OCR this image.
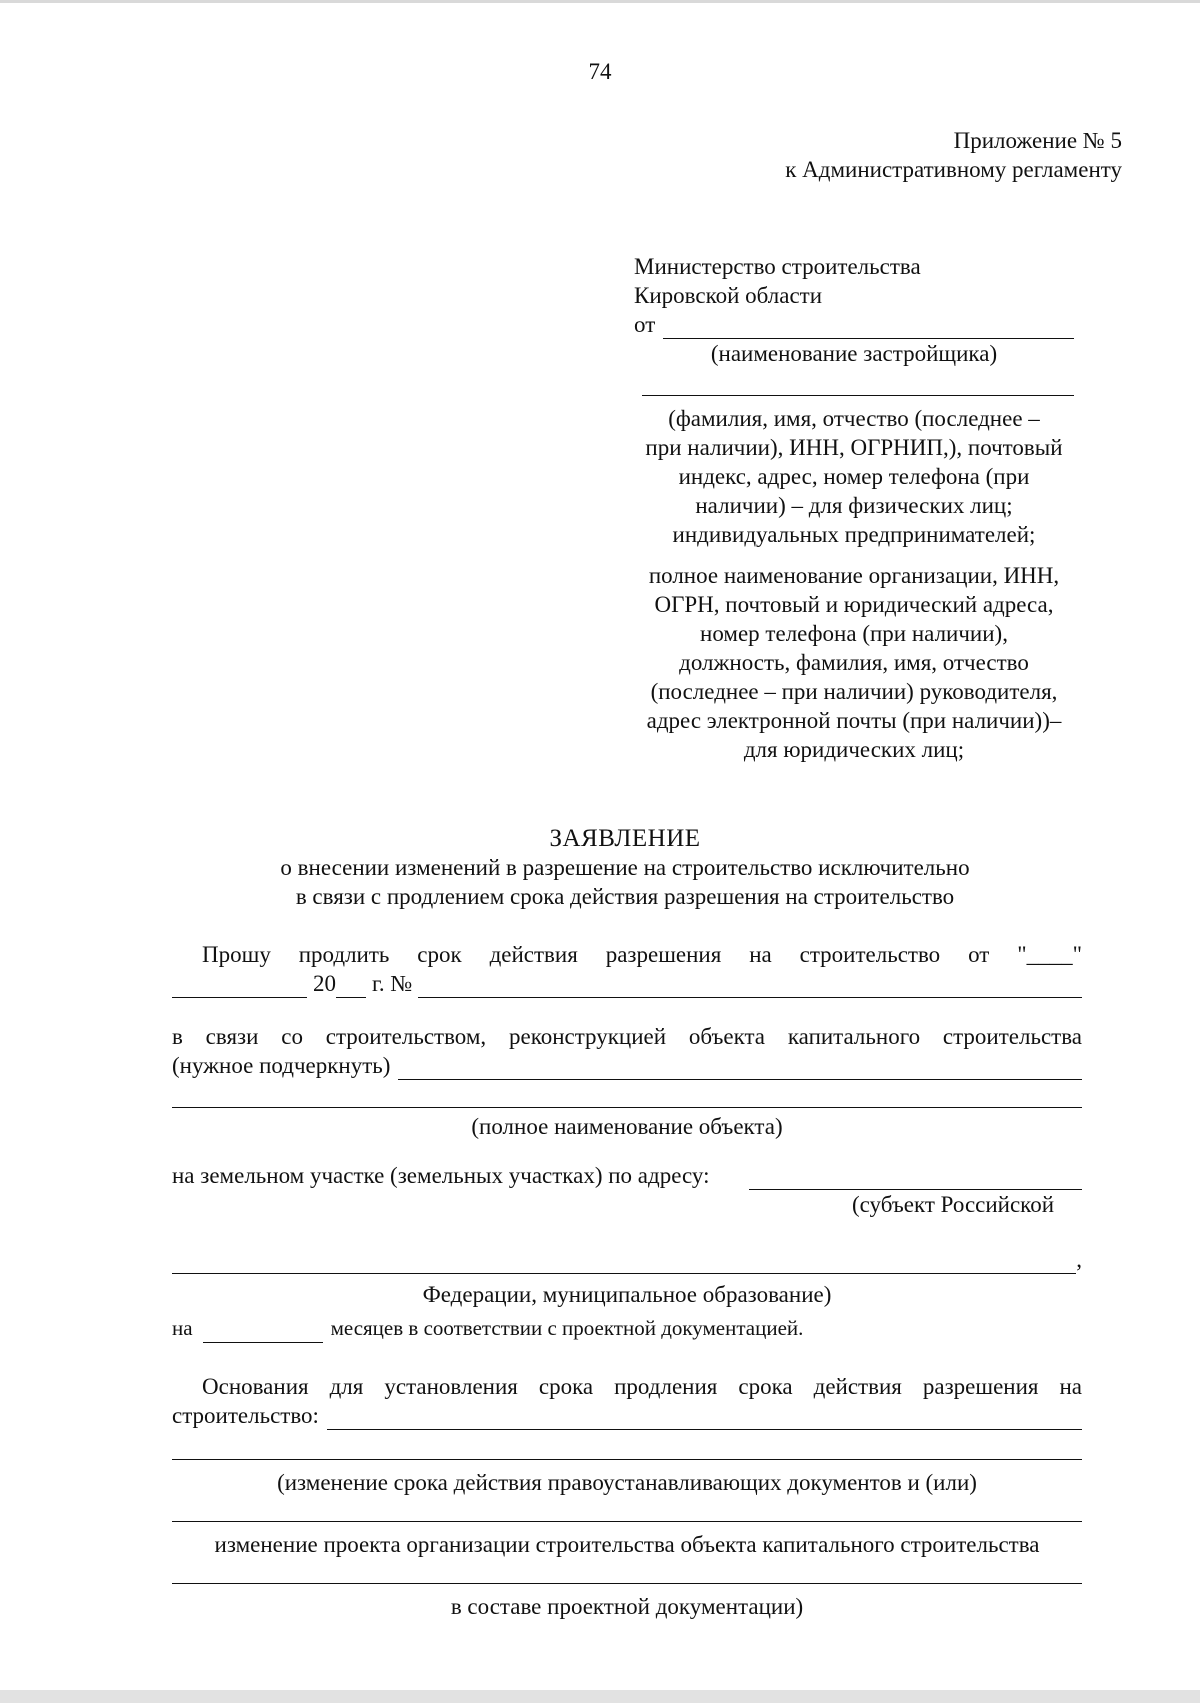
74
Приложение № 5
к Административному регламенту
Министерство строительства
Кировской области
от
(наименование застройщика)
(фамилия, имя, отчество (последнее –
при наличии), ИНН, ОГРНИП,), почтовый
индекс, адрес, номер телефона (при
наличии) – для физических лиц;
индивидуальных предпринимателей;
полное наименование организации, ИНН,
ОГРН, почтовый и юридический адреса,
номер телефона (при наличии),
должность, фамилия, имя, отчество
(последнее – при наличии) руководителя,
адрес электронной почты (при наличии))–
для юридических лиц;
ЗАЯВЛЕНИЕ
о внесении изменений в разрешение на строительство исключительно
в связи с продлением срока действия разрешения на строительство
Прошу продлить срок действия разрешения на строительство от "____"
20 г. №
в связи со строительством, реконструкцией объекта капитального строительства
(нужное подчеркнуть)
(полное наименование объекта)
на земельном участке (земельных участках) по адресу:
(субъект Российской
,
Федерации, муниципальное образование)
на	месяцев в соответствии с проектной документацией.
Основания для установления срока продления срока действия разрешения на
строительство:
(изменение срока действия правоустанавливающих документов и (или)
изменение проекта организации строительства объекта капитального строительства
в составе проектной документации)
